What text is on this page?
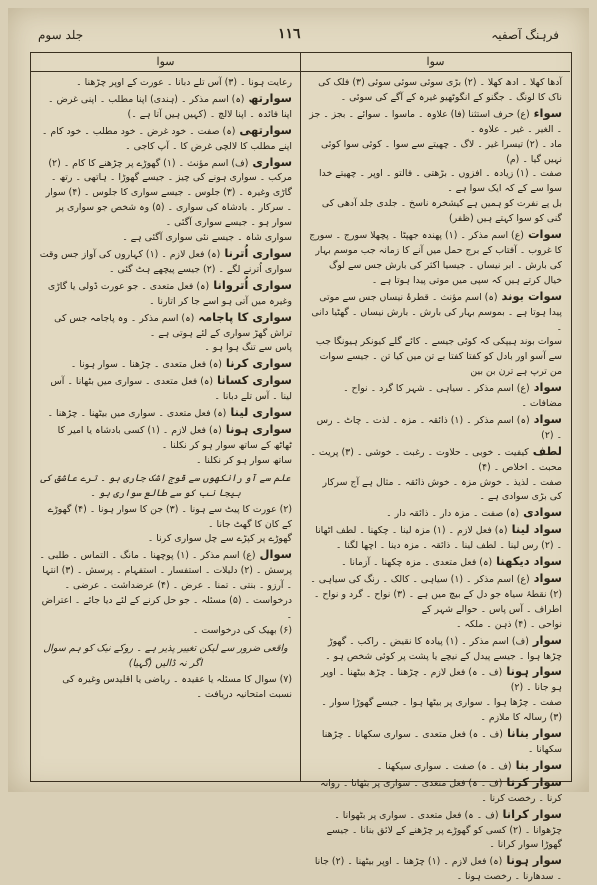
جلد سوم	١١٦	فرہنگ آصفیہ
سوا

رعایت ہونا ۔ (۳) آس تلے دبانا ۔ عورت کے اوپر چڑھنا ۔

سوارتھ (ہ) اسم مذکر ۔ (ہندی) اپنا مطلب ۔ اپنی غرض ۔ اپنا فائدہ ۔ اپنا لالچ ۔ (کہیں ہیں آتا ہے ۔)

سوارتھی (ہ) صفت ۔ خود غرض ۔ خود مطلب ۔ خود کام ۔ اپنے مطلب کا لالچی غرض کا ۔ آپ کاجی ۔

سواری (ف) اسم مؤنث ۔ (۱) گھوڑے پر چڑھنے کا کام ۔ (۲) مرکب ۔ سواری ہونے کی چیز ۔ جیسے گھوڑا ۔ ہاتھی ۔ رتھ ۔ گاڑی وغیرہ ۔ (۳) جلوس ۔ جیسے سواری کا جلوس ۔ (۴) سوار ۔ سرکار ۔ بادشاہ کی سواری ۔ (۵) وہ شخص جو سواری پر سوار ہو ۔ جیسے سواری آگئی ۔

سواری شاہ ۔ جیسے نئی سواری آگئی ہے ۔

سواری اُترنا (ہ) فعل لازم ۔ (۱) کہاروں کی آواز جس وقت سواری اُترنے لگے ۔ (۲) جیسے پیچھے ہٹ گئی ۔

سواری اُتروانا (ہ) فعل متعدی ۔ جو عورت ڈولی یا گاڑی وغیرہ میں آتی ہو اسے جا کر اتارنا ۔

سواری کا پاجامہ (ہ) اسم مذکر ۔ وہ پاجامہ جس کی تراش گھڑ سواری کے لئے ہوتی ہے ۔

پاس سے تنگ ہوا ہو ۔

سواری کرنا (ہ) فعل متعدی ۔ چڑھنا ۔ سوار ہونا ۔

سواری کسانا (ہ) فعل متعدی ۔ سواری میں بٹھانا ۔ آس لینا ۔ آس تلے دبانا ۔

سواری لینا (ہ) فعل متعدی ۔ سواری میں بیٹھنا ۔ چڑھنا ۔

سواری ہونا (ہ) فعل لازم ۔ (۱) کسی بادشاہ یا امیر کا ٹھاٹھ کے ساتھ سوار ہو کر نکلنا ۔

ساتھ سوار ہو کر نکلنا ۔

علم سے آو رانکھوں سے قوج اشک جاری ہو ۔ ترے عاشق کی بیجا نب کو سے طالع سواری ہو ۔

(۲) عورت کا پیٹ سے ہونا ۔ (۳) جن کا سوار ہونا ۔ (۴) گھوڑے کے کان کا گھٹ جانا ۔

گھوڑے پر کپڑے سے چل سواری کرنا ۔

سوال (ع) اسم مذکر ۔ (۱) پوچھنا ۔ مانگ ۔ التماس ۔ طلبی ۔ پرسش ۔ (۲) دلیلات ۔ استفسار ۔ استفہام ۔ پرسش ۔ (۳) انتہا ۔ آرزو ۔ بنتی ۔ تمنا ۔ عرض ۔ (۴) عرضداشت ۔ عرضی ۔ درخواست ۔ (۵) مسئلہ ۔ جو حل کرنے کے لئے دیا جائے ۔ اعتراض ۔

(۶) بھیک کی درخواست ۔

واقعی ضرور سے لیکن تغییر پذیر ہے ۔ روکے نیک کو ہم سوال اگر نہ ڈالیں (گہیا)

(۷) سوال کا مسئلہ یا عقیدہ ۔ ریاضی یا اقلیدس وغیرہ کی نسبت امتحانیہ دریافت ۔

سوا

آدھا کھلا ۔ ادھ کھلا ۔ (۲) بڑی سوئی سوئی سوئی (۳) فلک کی ناک کا لونگ ۔ جگنو کے انگوٹھیو غیرہ کے آگے کی سوئی ۔

سواء (ع) حرف استثنا (فا) علاوہ ۔ ماسوا ۔ سوائے ۔ بجز ۔ جز ۔ الغیر ۔ غیر ۔ علاوہ ۔

ماد ۔ (۲) تیسرا غیر ۔ لاگ ۔ چھیتے سے سوا ۔ کوئی سوا کوئی نہیں گیا ۔ (م)

صفت ۔ (۱) زیادہ ۔ افزوں ۔ بڑھتی ۔ فالتو ۔ اوپر ۔ چھیتے خدا سوا سے کے کہ ایک سوا ہے ۔

بل پے نفرت کو ہمیں ہے کیشخرہ ناسخ ۔ جلدی جلد آدھی کی گنی کو سوا کہتے ہیں (ظفر)

سوات (ع) اسم مذکر ۔ (۱) پھندہ جھپٹا ۔ پچھلا سورج ۔ سورج کا غروب ۔ آفتاب کے برج حمل میں آنے کا زمانہ جب موسم بہار کی بارش ۔ ابر نیساں ۔ جیسیا اکثر کی بارش جس سے لوگ خیال کرتے ہیں کہ سپی میں موتی پیدا ہوتا ہے ۔

سوات بوند (ہ) اسم مؤنث ۔ قطرۂ نیساں جس سے موتی پیدا ہوتا ہے ۔ بموسم بہار کی بارش ۔ بارش نیساں ۔ گھٹیا دانی ۔

سوات بوند ہیپکی کہ کوئی جیسے ۔ کائے گلے کیونکر ہیونگا جب سے آسو اور بادل کو کفتا کفتا بے تن میں کیا تن ۔ جیسے سوات من ترپ ہے ترن بن بین

سواد (ع) اسم مذکر ۔ سیاہی ۔ شہر کا گرد ۔ نواح ۔ مضافات ۔

سواد (ہ) اسم مذکر ۔ (۱) ذائقہ ۔ مزہ ۔ لذت ۔ چاٹ ۔ رس ۔ (۲)

لطف کیفیت ۔ خوبی ۔ حلاوت ۔ رغبت ۔ خوشی ۔ (۳) پریت ۔ محبت ۔ اخلاص ۔ (۴)

صفت ۔ لذیذ ۔ خوش مزہ ۔ خوش ذائقہ ۔ مثال ہے آج سرکار کی بڑی سوادی ہے ۔

سوادی (ہ) صفت ۔ مزہ دار ۔ ذائقہ دار ۔

سواد لینا (ہ) فعل لازم ۔ (۱) مزہ لینا ۔ چکھنا ۔ لطف اٹھانا ۔ (۲) رس لینا ۔ لطف لینا ۔ ذائقہ ۔ مزہ دینا ۔ اچھا لگنا ۔

سواد دیکھنا (ہ) فعل متعدی ۔ مزہ چکھنا ۔ آزمانا ۔

سواد (ع) اسم مذکر ۔ (۱) سیاہی ۔ کالک ۔ رنگ کی سیاہی ۔ (۲) نقطۂ سیاہ جو دل کے بیچ میں ہے ۔ (۳) نواح ۔ گرد و نواح ۔ اطراف ۔ آس پاس ۔ حوالے شہر کے

نواحی ۔ (۴) ذہن ۔ ملکہ ۔

سوار (ف) اسم مذکر ۔ (۱) پیادہ کا نقیض ۔ راکب ۔ گھوڑ چڑھا ہوا ۔ جیسے پیدل کے نیچے یا پشت پر کوئی شخص ہو ۔

سوار ہونا (ف ۔ ہ) فعل لازم ۔ چڑھنا ۔ چڑھ بیٹھنا ۔ اوپر ہو جانا ۔ (۲)

صفت ۔ چڑھا ہوا ۔ سواری پر بیٹھا ہوا ۔ جیسے گھوڑا سوار ۔ (۳) رسالہ کا ملازم ۔

سوار بنانا (ف ۔ ہ) فعل متعدی ۔ سواری سکھانا ۔ چڑھنا سکھانا ۔

سوار بنا (ف ۔ ہ) صفت ۔ سواری سیکھنا ۔

سوار کرنا (ف ۔ ہ) فعل متعدی ۔ سواری پر بٹھانا ۔ روانہ کرنا ۔ رخصت کرنا ۔

سوار کرانا (ف ۔ ہ) فعل متعدی ۔ سواری پر بٹھوانا ۔ چڑھوانا ۔ (۲) کسی کو گھوڑے پر چڑھنے کے لائق بنانا ۔ جیسے گھوڑا سوار کرانا ۔

سوار ہونا (ہ) فعل لازم ۔ (۱) چڑھنا ۔ اوپر بیٹھنا ۔ (۲) جانا ۔ سدھارنا ۔ رخصت ہونا ۔
